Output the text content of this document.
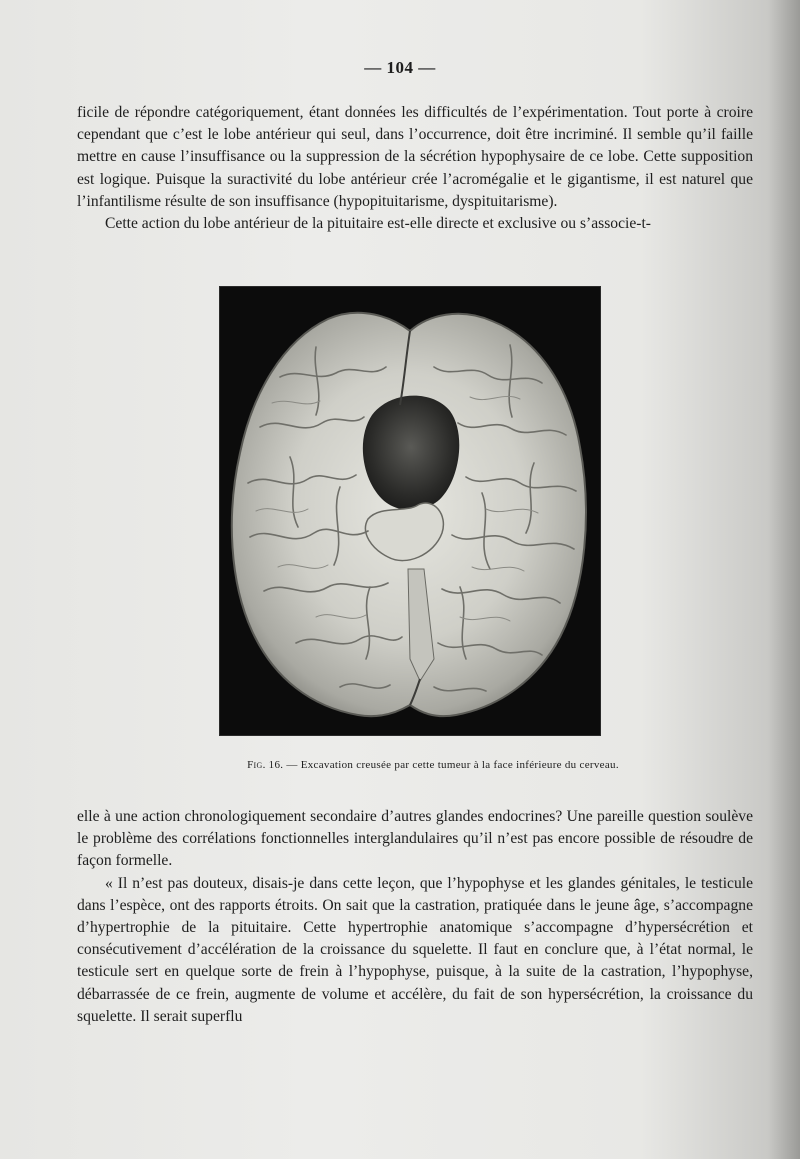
— 104 —

ficile de répondre catégoriquement, étant données les difficultés de l’expérimentation. Tout porte à croire cependant que c’est le lobe antérieur qui seul, dans l’occurrence, doit être incriminé. Il semble qu’il faille mettre en cause l’insuffisance ou la suppression de la sécrétion hypophysaire de ce lobe. Cette supposition est logique. Puisque la suractivité du lobe antérieur crée l’acromégalie et le gigantisme, il est naturel que l’infantilisme résulte de son insuffisance (hypopituitarisme, dyspituitarisme).

Cette action du lobe antérieur de la pituitaire est-elle directe et exclusive ou s’associe-t-

Fig. 16. — Excavation creusée par cette tumeur à la face inférieure du cerveau.

elle à une action chronologiquement secondaire d’autres glandes endocrines? Une pareille question soulève le problème des corrélations fonctionnelles interglandulaires qu’il n’est pas encore possible de résoudre de façon formelle.

« Il n’est pas douteux, disais-je dans cette leçon, que l’hypophyse et les glandes génitales, le testicule dans l’espèce, ont des rapports étroits. On sait que la castration, pratiquée dans le jeune âge, s’accompagne d’hypertrophie de la pituitaire. Cette hypertrophie anatomique s’accompagne d’hypersécrétion et consécutivement d’accélération de la croissance du squelette. Il faut en conclure que, à l’état normal, le testicule sert en quelque sorte de frein à l’hypophyse, puisque, à la suite de la castration, l’hypophyse, débarrassée de ce frein, augmente de volume et accélère, du fait de son hypersécrétion, la croissance du squelette. Il serait superflu
